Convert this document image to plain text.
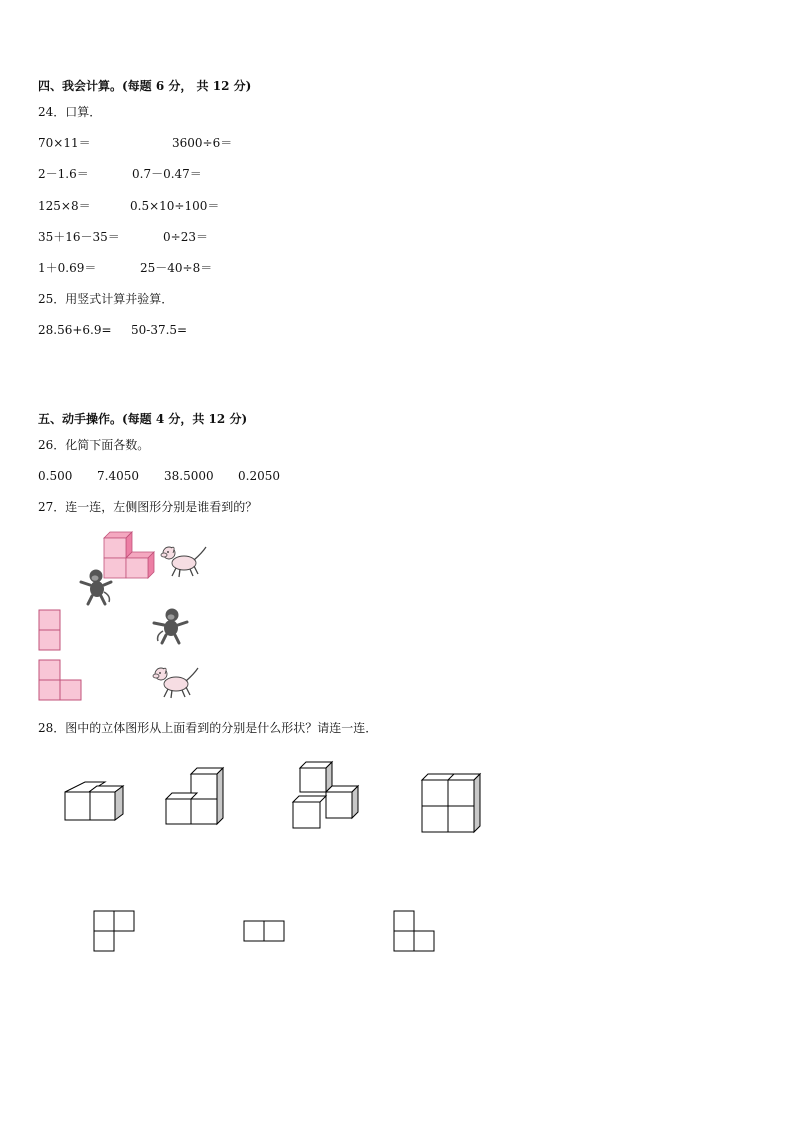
四、我会计算。(每题 6 分， 共 12 分)
24．口算．
70×11＝	3600÷6＝
2－1.6＝	0.7－0.47＝
125×8＝	0.5×10÷100＝
35＋16－35＝	0÷23＝
1＋0.69＝	25－40÷8＝
25．用竖式计算并验算．
28.56+6.9= 50-37.5=
五、动手操作。(每题 4 分，共 12 分)
26．化简下面各数。
0.500 7.4050 38.5000 0.2050
27．连一连，左侧图形分别是谁看到的？
28．图中的立体图形从上面看到的分别是什么形状？请连一连．
